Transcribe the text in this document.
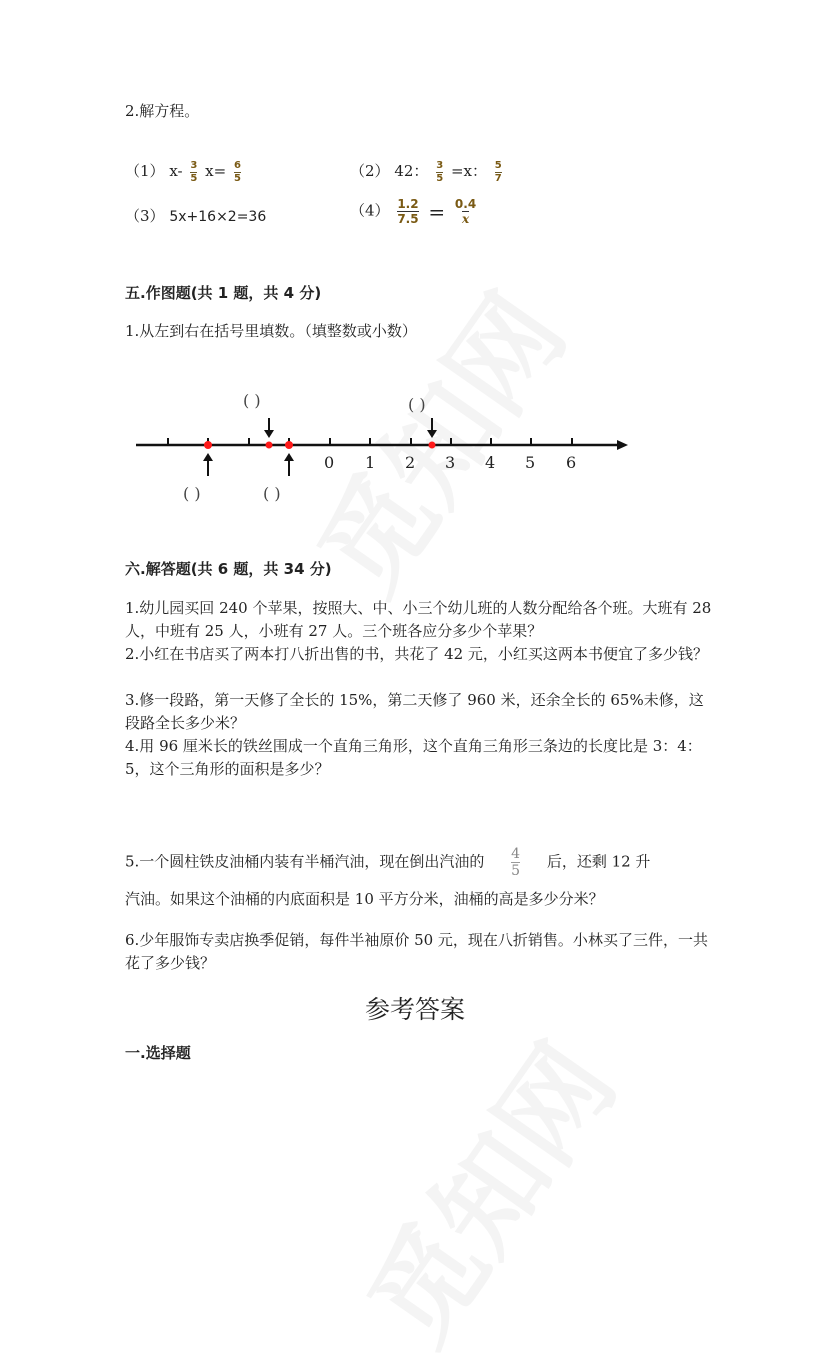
2.解方程。
（1） $x- \frac{3}{5} x= \frac{6}{5}$	（2） 42： $\frac{3}{5} =x$： $\frac{5}{7}$
（3） 5x+16×2=36	$(4) \frac{1.2}{7.5} = \frac{0.4}{x}$
五.作图题(共 1 题，共 4 分)
1.从左到右在括号里填数。（填整数或小数）
0 1 2 3 4 5 6
( )	( )
( )	( )
六.解答题(共 6 题，共 34 分)
1.幼儿园买回 240 个苹果，按照大、中、小三个幼儿班的人数分配给各个班。大班有 28 人，中班有 25 人，小班有 27 人。三个班各应分多少个苹果？
2.小红在书店买了两本打八折出售的书，共花了 42 元，小红买这两本书便宜了多少钱？
3.修一段路，第一天修了全长的 15%，第二天修了 960 米，还余全长的 65%未修，这段路全长多少米？
4.用 96 厘米长的铁丝围成一个直角三角形，这个直角三角形三条边的长度比是 3：4：5，这个三角形的面积是多少？
5.一个圆柱铁皮油桶内装有半桶汽油，现在倒出汽油的 $\frac{4}{5}$ 后，还剩 12 升
汽油。如果这个油桶的内底面积是 10 平方分米，油桶的高是多少分米？
6.少年服饰专卖店换季促销，每件半袖原价 50 元，现在八折销售。小林买了三件，一共花了多少钱？
参考答案
一.选择题
